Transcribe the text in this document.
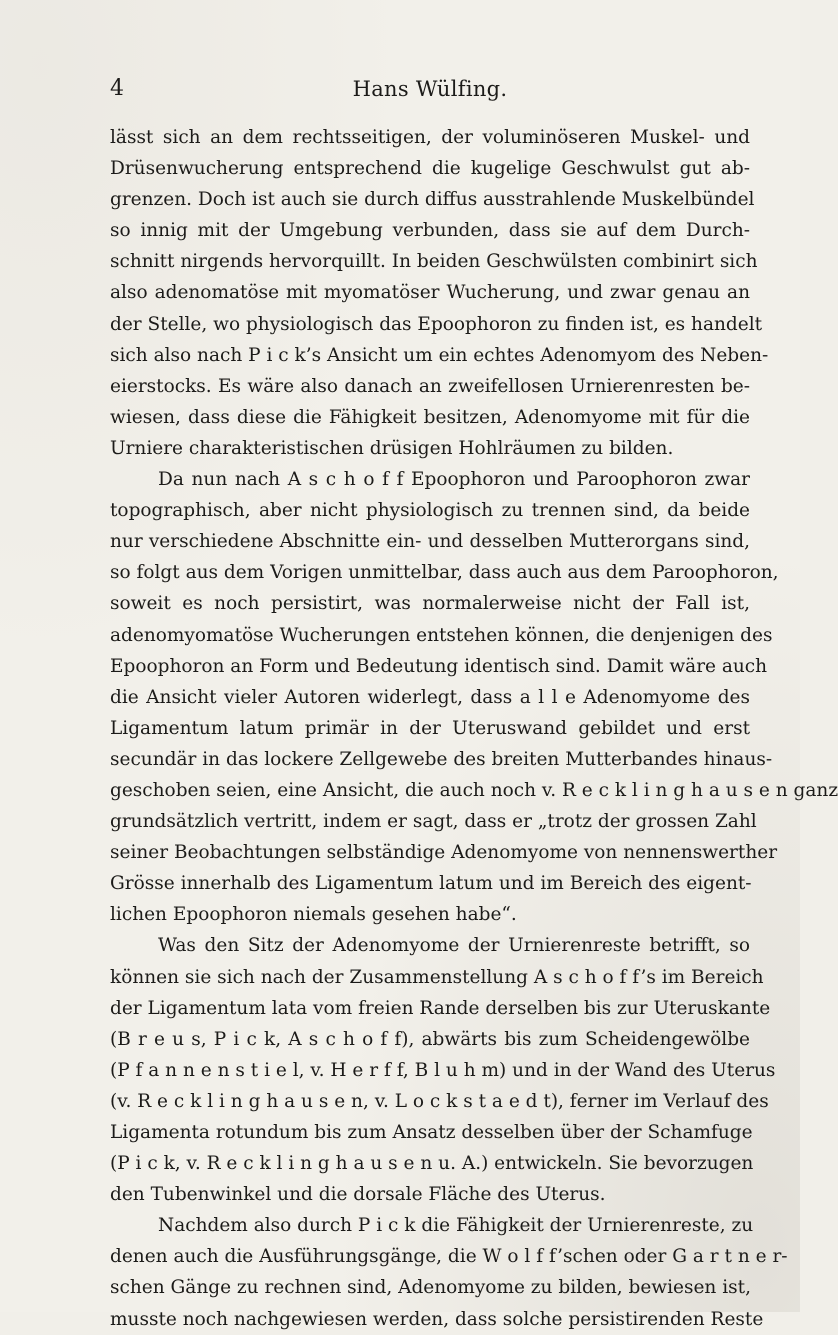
4	Hans Wülfing.
lässt sich an dem rechtsseitigen, der voluminöseren Muskel- und
Drüsenwucherung entsprechend die kugelige Geschwulst gut ab-
grenzen. Doch ist auch sie durch diffus ausstrahlende Muskelbündel
so innig mit der Umgebung verbunden, dass sie auf dem Durch-
schnitt nirgends hervorquillt. In beiden Geschwülsten combinirt sich
also adenomatöse mit myomatöser Wucherung, und zwar genau an
der Stelle, wo physiologisch das Epoophoron zu finden ist, es handelt
sich also nach P i c k’s Ansicht um ein echtes Adenomyom des Neben-
eierstocks. Es wäre also danach an zweifellosen Urnierenresten be-
wiesen, dass diese die Fähigkeit besitzen, Adenomyome mit für die
Urniere charakteristischen drüsigen Hohlräumen zu bilden.
Da nun nach A s c h o f f Epoophoron und Paroophoron zwar
topographisch, aber nicht physiologisch zu trennen sind, da beide
nur verschiedene Abschnitte ein- und desselben Mutterorgans sind,
so folgt aus dem Vorigen unmittelbar, dass auch aus dem Paroophoron,
soweit es noch persistirt, was normalerweise nicht der Fall ist,
adenomyomatöse Wucherungen entstehen können, die denjenigen des
Epoophoron an Form und Bedeutung identisch sind. Damit wäre auch
die Ansicht vieler Autoren widerlegt, dass a l l e Adenomyome des
Ligamentum latum primär in der Uteruswand gebildet und erst
secundär in das lockere Zellgewebe des breiten Mutterbandes hinaus-
geschoben seien, eine Ansicht, die auch noch v. R e c k l i n g h a u s e n ganz
grundsätzlich vertritt, indem er sagt, dass er „trotz der grossen Zahl
seiner Beobachtungen selbständige Adenomyome von nennenswerther
Grösse innerhalb des Ligamentum latum und im Bereich des eigent-
lichen Epoophoron niemals gesehen habe“.
Was den Sitz der Adenomyome der Urnierenreste betrifft, so
können sie sich nach der Zusammenstellung A s c h o f f’s im Bereich
der Ligamentum lata vom freien Rande derselben bis zur Uteruskante
(B r e u s, P i c k, A s c h o f f), abwärts bis zum Scheidengewölbe
(P f a n n e n s t i e l, v. H e r f f, B l u h m) und in der Wand des Uterus
(v. R e c k l i n g h a u s e n, v. L o c k s t a e d t), ferner im Verlauf des
Ligamenta rotundum bis zum Ansatz desselben über der Schamfuge
(P i c k, v. R e c k l i n g h a u s e n u. A.) entwickeln. Sie bevorzugen
den Tubenwinkel und die dorsale Fläche des Uterus.
Nachdem also durch P i c k die Fähigkeit der Urnierenreste, zu
denen auch die Ausführungsgänge, die W o l f f’schen oder G a r t n e r-
schen Gänge zu rechnen sind, Adenomyome zu bilden, bewiesen ist,
musste noch nachgewiesen werden, dass solche persistirenden Reste
